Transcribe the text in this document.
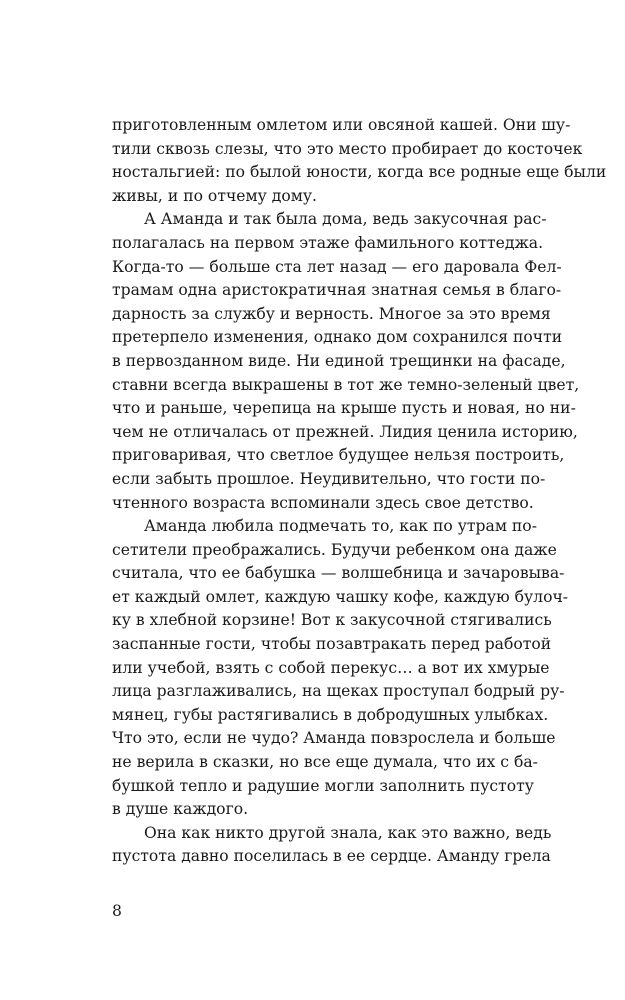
приготовленным омлетом или овсяной кашей. Они шу-
тили сквозь слезы, что это место пробирает до косточек
ностальгией: по былой юности, когда все родные еще были
живы, и по отчему дому.
А Аманда и так была дома, ведь закусочная рас-
полагалась на первом этаже фамильного коттеджа.
Когда-то — больше ста лет назад — его даровала Фел-
трамам одна аристократичная знатная семья в благо-
дарность за службу и верность. Многое за это время
претерпело изменения, однако дом сохранился почти
в первозданном виде. Ни единой трещинки на фасаде,
ставни всегда выкрашены в тот же темно-зеленый цвет,
что и раньше, черепица на крыше пусть и новая, но ни-
чем не отличалась от прежней. Лидия ценила историю,
приговаривая, что светлое будущее нельзя построить,
если забыть прошлое. Неудивительно, что гости по-
чтенного возраста вспоминали здесь свое детство.
Аманда любила подмечать то, как по утрам по-
сетители преображались. Будучи ребенком она даже
считала, что ее бабушка — волшебница и зачаровыва-
ет каждый омлет, каждую чашку кофе, каждую булоч-
ку в хлебной корзине! Вот к закусочной стягивались
заспанные гости, чтобы позавтракать перед работой
или учебой, взять с собой перекус… а вот их хмурые
лица разглаживались, на щеках проступал бодрый ру-
мянец, губы растягивались в добродушных улыбках.
Что это, если не чудо? Аманда повзрослела и больше
не верила в сказки, но все еще думала, что их с ба-
бушкой тепло и радушие могли заполнить пустоту
в душе каждого.
Она как никто другой знала, как это важно, ведь
пустота давно поселилась в ее сердце. Аманду грела
8
